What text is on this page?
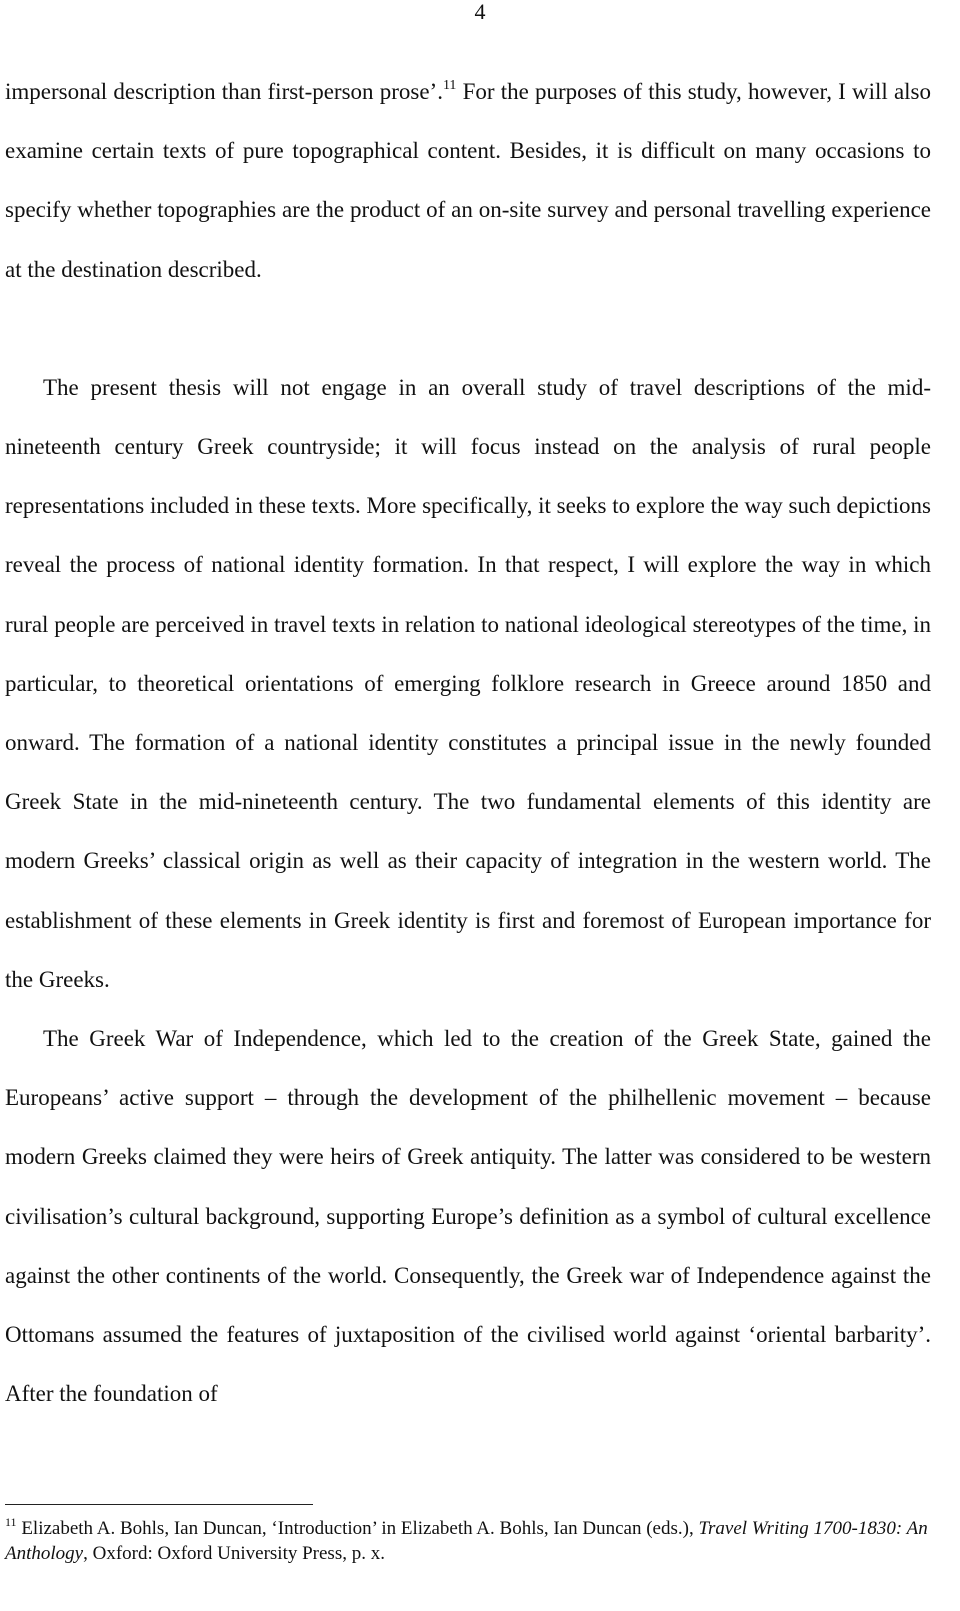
4

impersonal description than first-person prose’.$^{11}$ For the purposes of this study, however, I will also examine certain texts of pure topographical content. Besides, it is difficult on many occasions to specify whether topographies are the product of an on-site survey and personal travelling experience at the destination described.

The present thesis will not engage in an overall study of travel descriptions of the mid-nineteenth century Greek countryside; it will focus instead on the analysis of rural people representations included in these texts. More specifically, it seeks to explore the way such depictions reveal the process of national identity formation. In that respect, I will explore the way in which rural people are perceived in travel texts in relation to national ideological stereotypes of the time, in particular, to theoretical orientations of emerging folklore research in Greece around 1850 and onward. The formation of a national identity constitutes a principal issue in the newly founded Greek State in the mid-nineteenth century. The two fundamental elements of this identity are modern Greeks’ classical origin as well as their capacity of integration in the western world. The establishment of these elements in Greek identity is first and foremost of European importance for the Greeks.

The Greek War of Independence, which led to the creation of the Greek State, gained the Europeans’ active support – through the development of the philhellenic movement – because modern Greeks claimed they were heirs of Greek antiquity. The latter was considered to be western civilisation’s cultural background, supporting Europe’s definition as a symbol of cultural excellence against the other continents of the world. Consequently, the Greek war of Independence against the Ottomans assumed the features of juxtaposition of the civilised world against ‘oriental barbarity’. After the foundation of

$^{11}$ Elizabeth A. Bohls, Ian Duncan, ‘Introduction’ in Elizabeth A. Bohls, Ian Duncan (eds.), Travel Writing 1700-1830: An Anthology, Oxford: Oxford University Press, p. x.
